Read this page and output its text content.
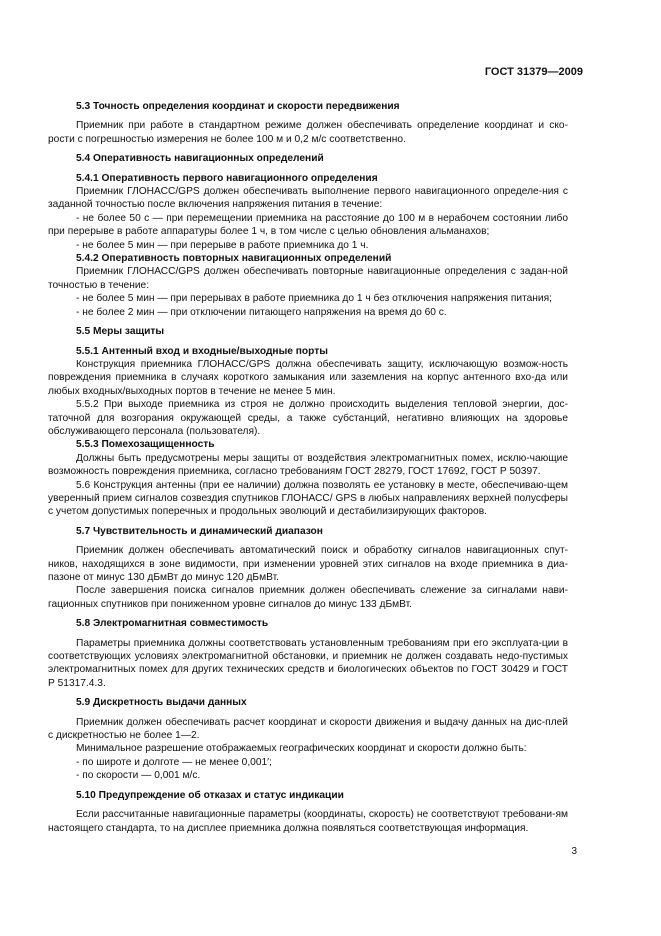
ГОСТ 31379—2009
5.3 Точность определения координат и скорости передвижения

Приемник при работе в стандартном режиме должен обеспечивать определение координат и ско-рости с погрешностью измерения не более 100 м и 0,2 м/с соответственно.

5.4 Оперативность навигационных определений
5.4.1 Оперативность первого навигационного определения

Приемник ГЛОНАСС/GPS должен обеспечивать выполнение первого навигационного определе-ния с заданной точностью после включения напряжения питания в течение:

- не более 50 с — при перемещении приемника на расстояние до 100 м в нерабочем состоянии либо при перерыве в работе аппаратуры более 1 ч, в том числе с целью обновления альманахов;

- не более 5 мин — при перерыве в работе приемника до 1 ч.

5.4.2 Оперативность повторных навигационных определений

Приемник ГЛОНАСС/GPS должен обеспечивать повторные навигационные определения с задан-ной точностью в течение:

- не более 5 мин — при перерывах в работе приемника до 1 ч без отключения напряжения питания;

- не более 2 мин — при отключении питающего напряжения на время до 60 с.

5.5 Меры защиты
5.5.1 Антенный вход и входные/выходные порты

Конструкция приемника ГЛОНАСС/GPS должна обеспечивать защиту, исключающую возмож-ность повреждения приемника в случаях короткого замыкания или заземления на корпус антенного вхо-да или любых входных/выходных портов в течение не менее 5 мин.

5.5.2 При выходе приемника из строя не должно происходить выделения тепловой энергии, дос-таточной для возгорания окружающей среды, а также субстанций, негативно влияющих на здоровье обслуживающего персонала (пользователя).

5.5.3 Помехозащищенность

Должны быть предусмотрены меры защиты от воздействия электромагнитных помех, исклю-чающие возможность повреждения приемника, согласно требованиям ГОСТ 28279, ГОСТ 17692, ГОСТ Р 50397.

5.6 Конструкция антенны (при ее наличии) должна позволять ее установку в месте, обеспечиваю-щем уверенный прием сигналов созвездия спутников ГЛОНАСС/ GPS в любых направлениях верхней полусферы с учетом допустимых поперечных и продольных эволюций и дестабилизирующих факторов.

5.7 Чувствительность и динамический диапазон

Приемник должен обеспечивать автоматический поиск и обработку сигналов навигационных спут-ников, находящихся в зоне видимости, при изменении уровней этих сигналов на входе приемника в диа-пазоне от минус 130 дБмВт до минус 120 дБмВт.

После завершения поиска сигналов приемник должен обеспечивать слежение за сигналами нави-гационных спутников при пониженном уровне сигналов до минус 133 дБмВт.

5.8 Электромагнитная совместимость

Параметры приемника должны соответствовать установленным требованиям при его эксплуата-ции в соответствующих условиях электромагнитной обстановки, и приемник не должен создавать недо-пустимых электромагнитных помех для других технических средств и биологических объектов по ГОСТ 30429 и ГОСТ Р 51317.4.3.

5.9 Дискретность выдачи данных

Приемник должен обеспечивать расчет координат и скорости движения и выдачу данных на дис-плей с дискретностью не более 1—2.

Минимальное разрешение отображаемых географических координат и скорости должно быть:

- по широте и долготе — не менее 0,001′;

- по скорости — 0,001 м/с.

5.10 Предупреждение об отказах и статус индикации

Если рассчитанные навигационные параметры (координаты, скорость) не соответствуют требовани-ям настоящего стандарта, то на дисплее приемника должна появляться соответствующая информация.

3
